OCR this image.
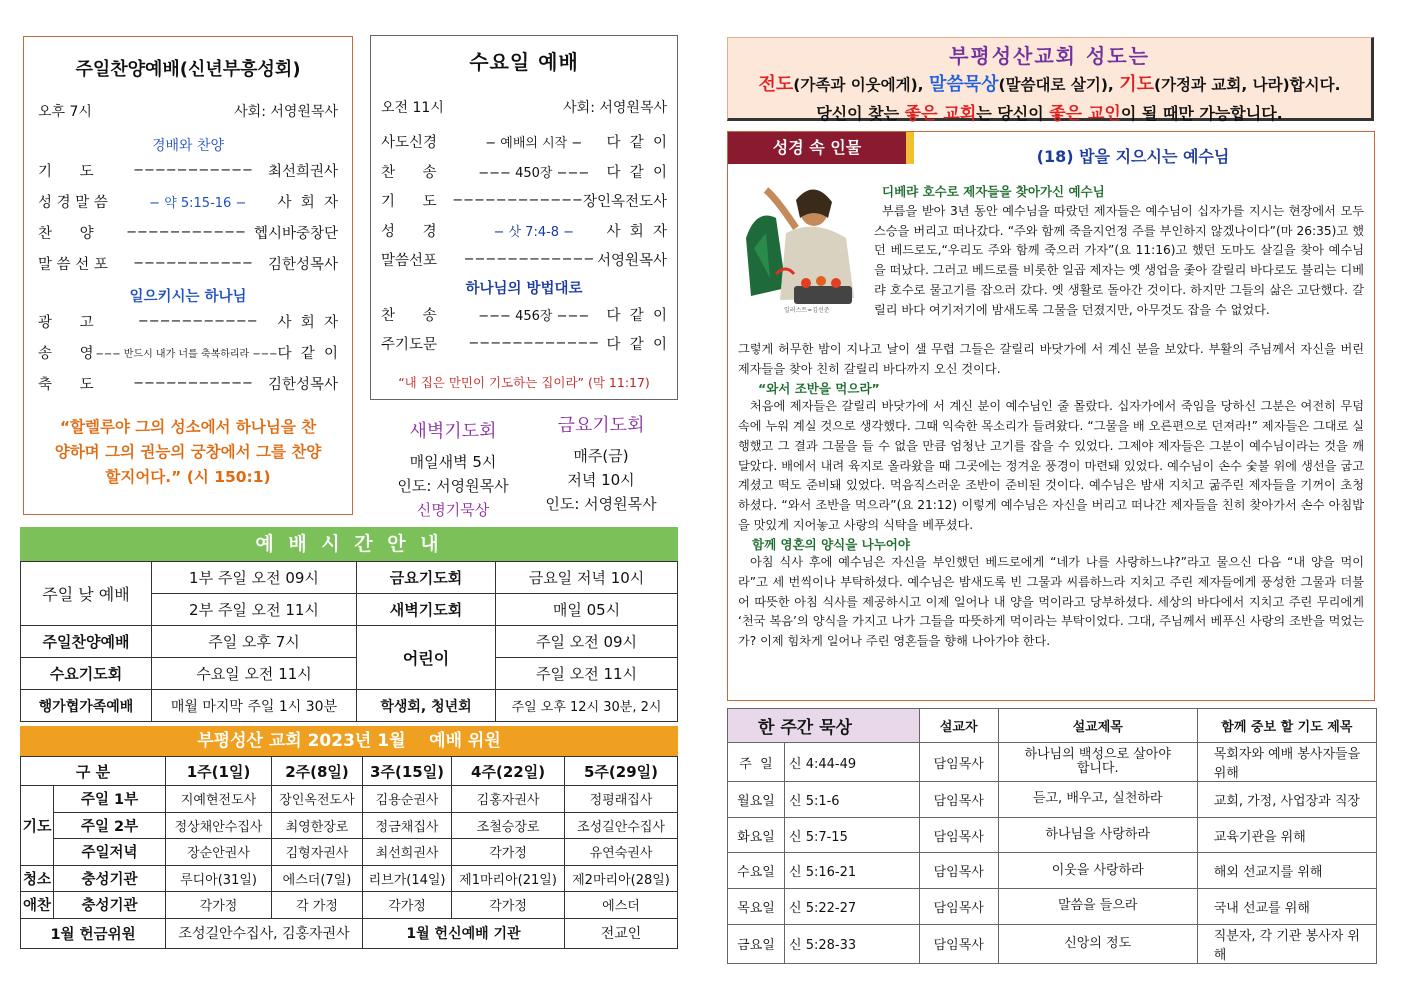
주일찬양예배(신년부흥성회)
오후 7시	사회: 서영원목사
경배와 찬양
기      도	−−−−−−−−−−−	최선희권사
성 경 말 씀	− 약 5:15-16 −	사  회  자
찬      양	−−−−−−−−−−− 헵시바중창단
말 씀 선 포	−−−−−−−−−−−	김한성목사
일으키시는 하나님
광      고	−−−−−−−−−−−	사  회  자
송      영 −−− 반드시 내가 너를 축복하리라 −−− 다  같  이
축      도	−−−−−−−−−−−	김한성목사
“할렐루야 그의 성소에서 하나님을 찬양하며 그의 권능의 궁창에서 그를 찬양할지어다.” (시 150:1)
수요일 예배
오전 11시	사회: 서영원목사
사도신경	− 예배의 시작 −	다  같  이
찬      송	−−− 450장 −−−	다  같  이
기      도	−−−−−−−−−−−− 장인옥전도사
성      경	− 삿 7:4-8 −	사  회  자
말씀선포	−−−−−−−−−−−− 서영원목사
하나님의 방법대로
찬      송	−−− 456장 −−−	다  같  이
주기도문	−−−−−−−−−−−− 다  같  이
“내 집은 만민이 기도하는 집이라” (막 11:17)
새벽기도회
매일새벽 5시
인도: 서영원목사
신명기묵상
금요기도회
매주(금)
저녁 10시
인도: 서영원목사
예 배 시 간 안 내
주일 낮 예배	1부 주일 오전 09시	금요기도회	금요일 저녁 10시
	2부 주일 오전 11시	새벽기도회	매일 05시
주일찬양예배	주일 오후 7시	어린이	주일 오전 09시
수요기도회	수요일 오전 11시		주일 오전 11시
행가협가족예배	매월 마지막 주일 1시 30분	학생회, 청년회	주일 오후 12시 30분, 2시
부평성산 교회 2023년 1월    예배 위원
구 분		1주(1일)	2주(8일)	3주(15일)	4주(22일)	5주(29일)
기도	주일 1부	지예현전도사	장인옥전도사	김용순권사	김홍자권사	정평래집사
	주일 2부	정상채안수집사	최영한장로	정금채집사	조철승장로	조성길안수집사
	주일저녁	장순안권사	김형자권사	최선희권사	각가정	유연숙권사
청소	충성기관	루디아(31일)	에스더(7일)	리브가(14일)	제1마리아(21일)	제2마리아(28일)
애찬	충성기관	각가정	각 가정	각가정	각가정	에스더
1월 헌금위원		조성길안수집사, 김홍자권사		1월 헌신예배 기관		전교인
부평성산교회 성도는
전도(가족과 이웃에게), 말씀묵상(말씀대로 살기), 기도(가정과 교회, 나라)합시다.
당신이 찾는 좋은 교회는 당신이 좋은 교인이 될 때만 가능합니다.
성경 속 인물	(18) 밥을 지으시는 예수님
일러스트=김선준
디베랴 호수로 제자들을 찾아가신 예수님

부름을 받아 3년 동안 예수님을 따랐던 제자들은 예수님이 십자가를 지시는 현장에서 모두 스승을 버리고 떠나갔다. “주와 함께 죽을지언정 주를 부인하지 않겠나이다”(마 26:35)고 했던 베드로도,“우리도 주와 함께 죽으러 가자”(요 11:16)고 했던 도마도 살길을 찾아 예수님을 떠났다. 그러고 베드로를 비롯한 일곱 제자는 옛 생업을 좇아 갈릴리 바다로도 불리는 디베랴 호수로 물고기를 잡으러 갔다. 옛 생활로 돌아간 것이다. 하지만 그들의 삶은 고단했다. 갈릴리 바다 여기저기에 밤새도록 그물을 던졌지만, 아무것도 잡을 수 없었다.

그렇게 허무한 밤이 지나고 날이 샐 무렵 그들은 갈릴리 바닷가에 서 계신 분을 보았다. 부활의 주님께서 자신을 버린 제자들을 찾아 친히 갈릴리 바다까지 오신 것이다.

“와서 조반을 먹으라”

처음에 제자들은 갈릴리 바닷가에 서 계신 분이 예수님인 줄 몰랐다. 십자가에서 죽임을 당하신 그분은 여전히 무덤 속에 누워 계실 것으로 생각했다. 그때 익숙한 목소리가 들려왔다. “그물을 배 오른편으로 던져라!” 제자들은 그대로 실행했고 그 결과 그물을 들 수 없을 만큼 엄청난 고기를 잡을 수 있었다. 그제야 제자들은 그분이 예수님이라는 것을 깨달았다. 배에서 내려 육지로 올라왔을 때 그곳에는 정겨운 풍경이 마련돼 있었다. 예수님이 손수 숯불 위에 생선을 굽고 계셨고 떡도 준비돼 있었다. 먹음직스러운 조반이 준비된 것이다. 예수님은 밤새 지치고 굶주린 제자들을 기꺼이 초청하셨다. “와서 조반을 먹으라”(요 21:12) 이렇게 예수님은 자신을 버리고 떠나간 제자들을 친히 찾아가서 손수 아침밥을 맛있게 지어놓고 사랑의 식탁을 베푸셨다.

함께 영혼의 양식을 나누어야

아침 식사 후에 예수님은 자신을 부인했던 베드로에게 “네가 나를 사랑하느냐?”라고 물으신 다음 “내 양을 먹이라”고 세 번씩이나 부탁하셨다. 예수님은 밤새도록 빈 그물과 씨름하느라 지치고 주린 제자들에게 풍성한 그물과 더불어 따뜻한 아침 식사를 제공하시고 이제 일어나 내 양을 먹이라고 당부하셨다. 세상의 바다에서 지치고 주린 무리에게 ‘천국 복음’의 양식을 가지고 나가 그들을 따뜻하게 먹이라는 부탁이었다. 그대, 주님께서 베푸신 사랑의 조반을 먹었는가? 이제 힘차게 일어나 주린 영혼들을 향해 나아가야 한다.

한 주간 묵상		설교자	설교제목	함께 중보 할 기도 제목
주  일	신 4:44-49	담임목사	하나님의 백성으로 살아야 합니다.	목회자와 예배 봉사자들을 위해
월요일	신 5:1-6	담임목사	듣고, 배우고, 실천하라	교회, 가정, 사업장과 직장
화요일	신 5:7-15	담임목사	하나님을 사랑하라	교육기관을 위해
수요일	신 5:16-21	담임목사	이웃을 사랑하라	해외 선교지를 위해
목요일	신 5:22-27	담임목사	말씀을 들으라	국내 선교를 위해
금요일	신 5:28-33	담임목사	신앙의 정도	직분자, 각 기관 봉사자 위해
